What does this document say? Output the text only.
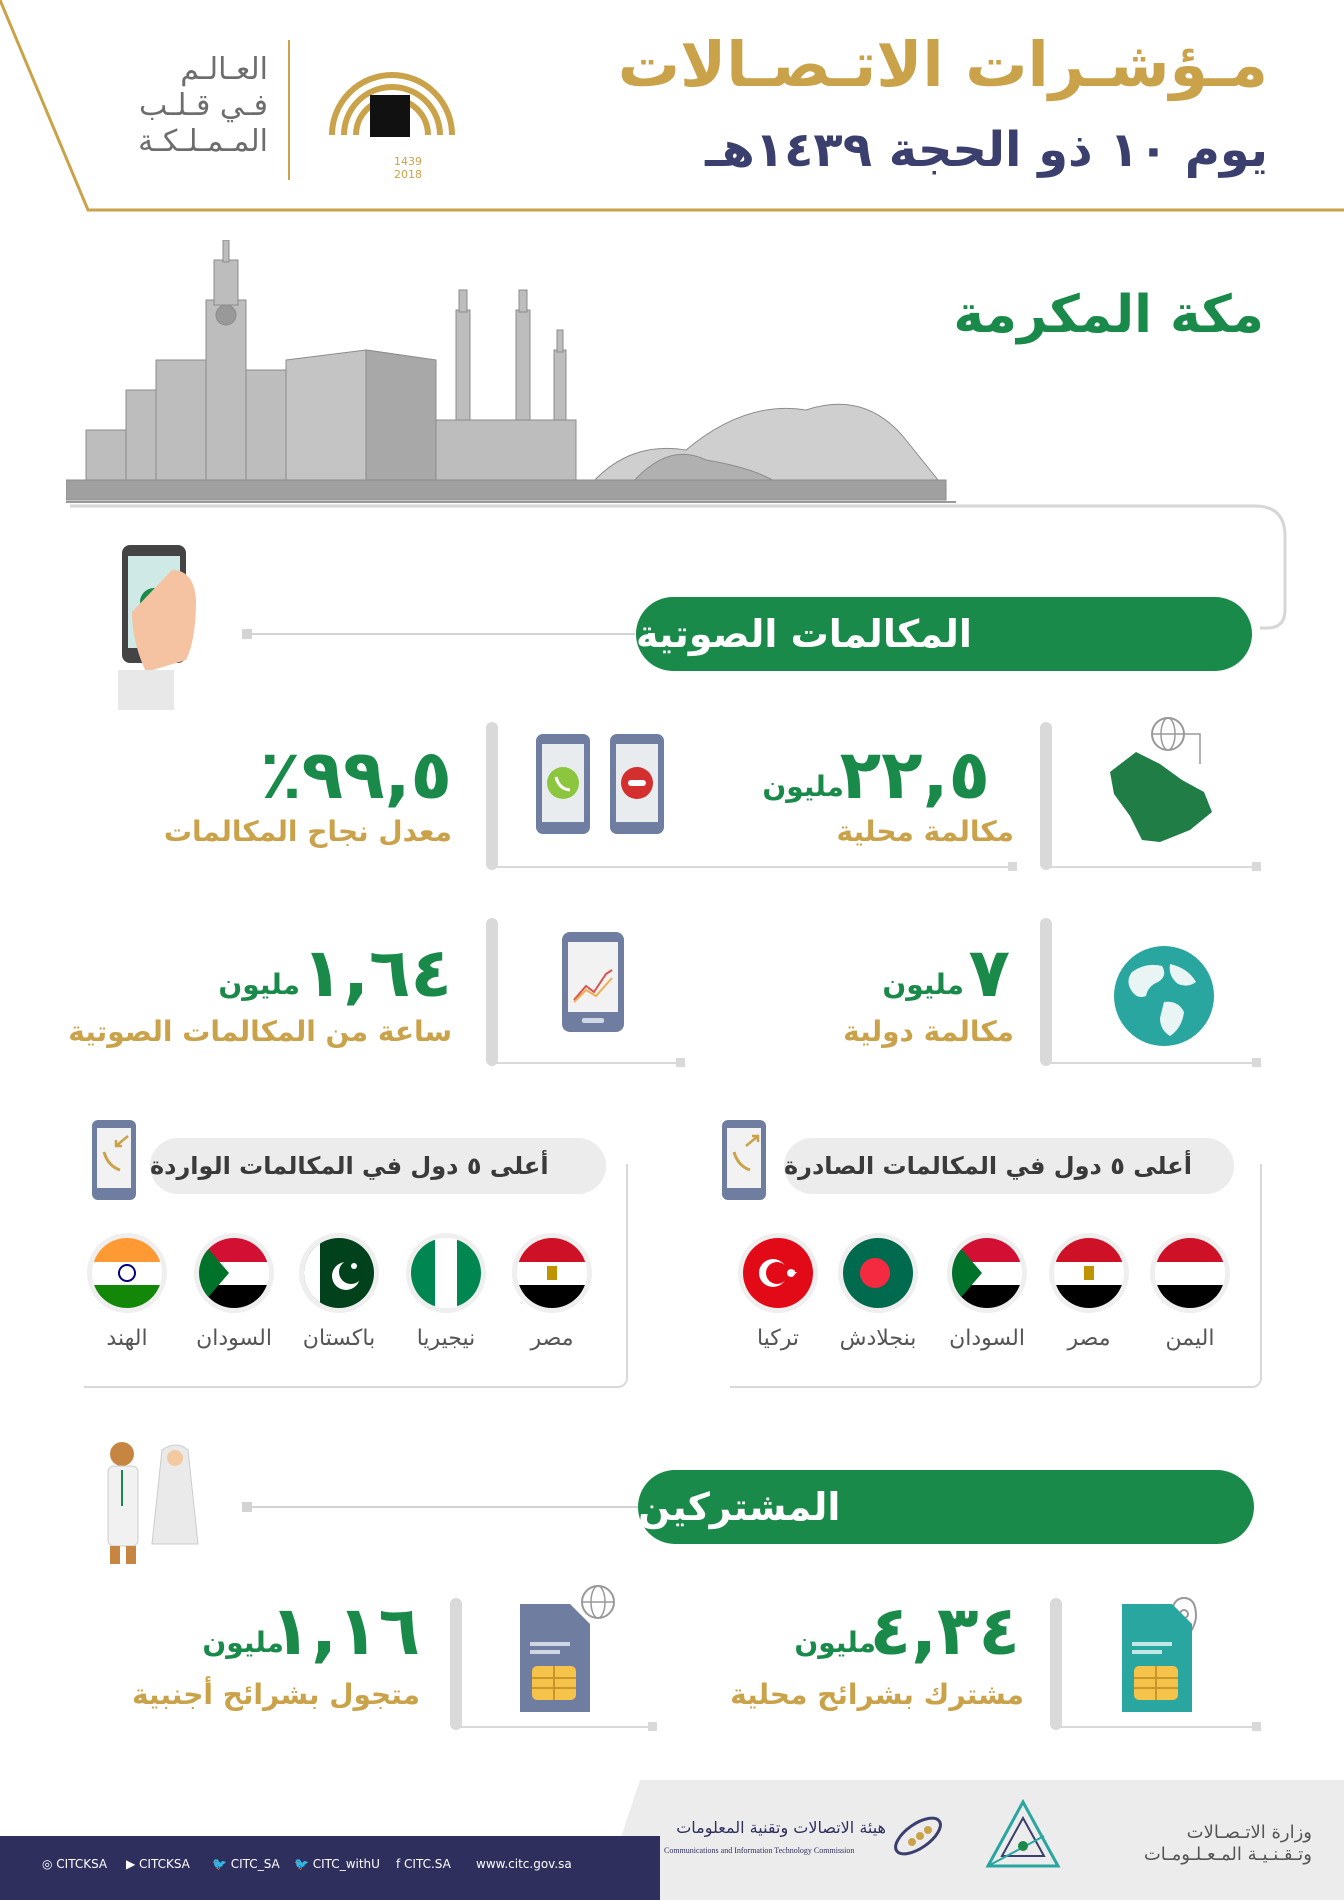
مـؤشـرات الاتـصـالات
يوم ١٠ ذو الحجة ١٤٣٩هـ
1439
2018
العـالـم
فـي قـلـب
المـمـلـكـة
مكة المكرمة
المكالمات الصوتية
٢٢,٥
مليون
مكالمة محلية
٩٩,٥٪
معدل نجاح المكالمات
٧
مليون
مكالمة دولية
١,٦٤
مليون
ساعة من المكالمات الصوتية
أعلى ٥ دول في المكالمات الصادرة
أعلى ٥ دول في المكالمات الواردة
اليمن
مصر
السودان
بنجلادش
تركيا
مصر
نيجيريا
باكستان
السودان
الهند
المشتركين
٤,٣٤
مليون
مشترك بشرائح محلية
١,١٦
مليون
متجول بشرائح أجنبية
◎ CITCKSA ▶ CITCKSA 🐦 CITC_SA 🐦 CITC_withU f CITC.SA www.citc.gov.sa
هيئة الاتصالات وتقنية المعلومات
Communications and Information Technology Commission
وزارة الاتـصـالات
وتـقـنـيـة المـعـلـومـات
